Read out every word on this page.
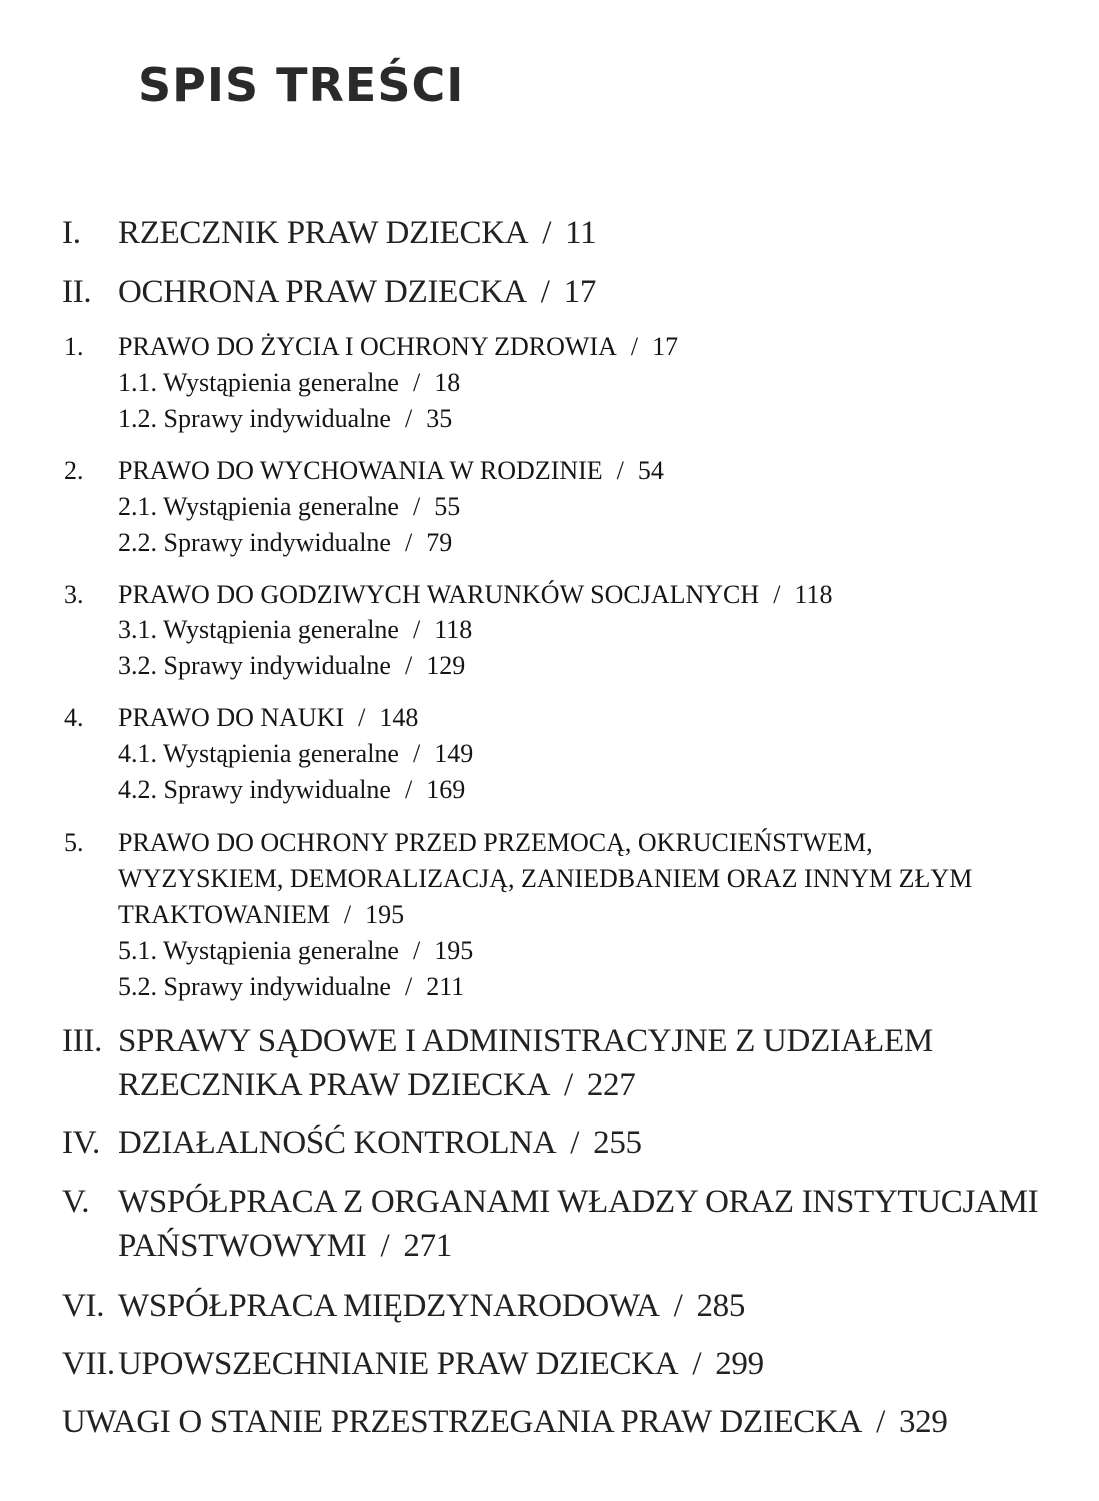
SPIS TREŚCI
I. RZECZNIK PRAW DZIECKA / 11
II. OCHRONA PRAW DZIECKA / 17
1. PRAWO DO ŻYCIA I OCHRONY ZDROWIA / 17
1.1. Wystąpienia generalne / 18
1.2. Sprawy indywidualne / 35
2. PRAWO DO WYCHOWANIA W RODZINIE / 54
2.1. Wystąpienia generalne / 55
2.2. Sprawy indywidualne / 79
3. PRAWO DO GODZIWYCH WARUNKÓW SOCJALNYCH / 118
3.1. Wystąpienia generalne / 118
3.2. Sprawy indywidualne / 129
4. PRAWO DO NAUKI / 148
4.1. Wystąpienia generalne / 149
4.2. Sprawy indywidualne / 169
5. PRAWO DO OCHRONY PRZED PRZEMOCĄ, OKRUCIEŃSTWEM,
WYZYSKIEM, DEMORALIZACJĄ, ZANIEDBANIEM ORAZ INNYM ZŁYM
TRAKTOWANIEM / 195
5.1. Wystąpienia generalne / 195
5.2. Sprawy indywidualne / 211
III. SPRAWY SĄDOWE I ADMINISTRACYJNE Z UDZIAŁEM
RZECZNIKA PRAW DZIECKA / 227
IV. DZIAŁALNOŚĆ KONTROLNA / 255
V. WSPÓŁPRACA Z ORGANAMI WŁADZY ORAZ INSTYTUCJAMI
PAŃSTWOWYMI / 271
VI. WSPÓŁPRACA MIĘDZYNARODOWA / 285
VII. UPOWSZECHNIANIE PRAW DZIECKA / 299
UWAGI O STANIE PRZESTRZEGANIA PRAW DZIECKA / 329
